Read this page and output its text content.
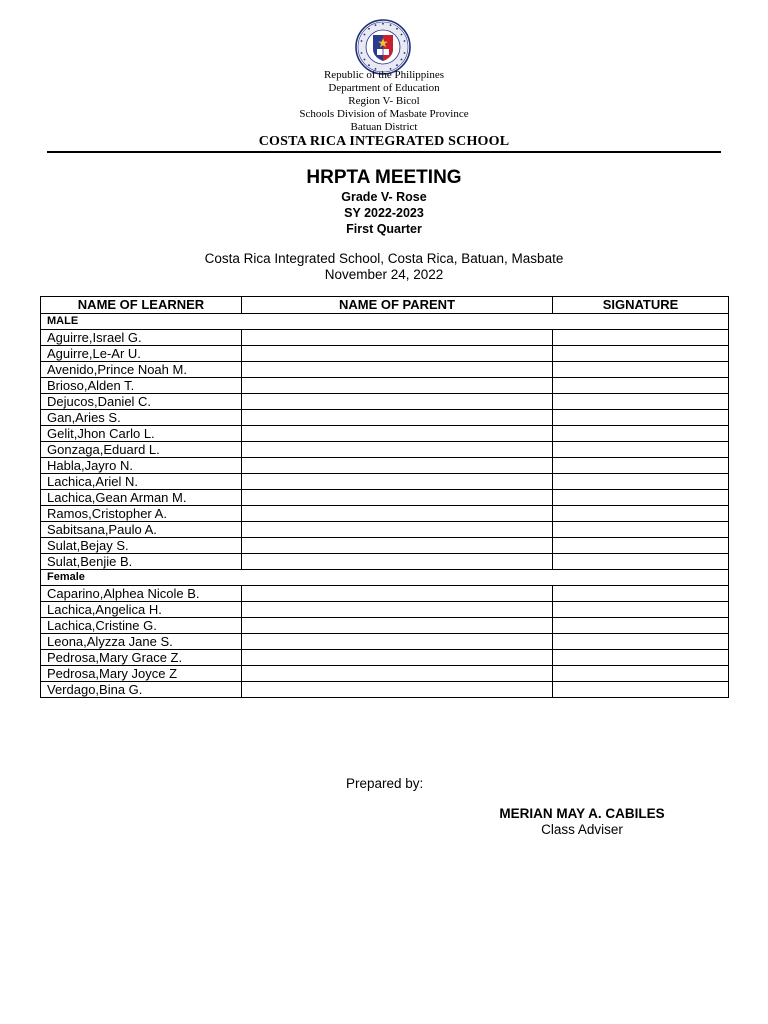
Republic of the Philippines
Department of Education
Region V- Bicol
Schools Division of Masbate Province
Batuan District
COSTA RICA INTEGRATED SCHOOL
HRPTA MEETING
Grade V- Rose
SY 2022-2023
First Quarter
Costa Rica Integrated School, Costa Rica, Batuan, Masbate
November 24, 2022
NAME OF LEARNER	NAME OF PARENT	SIGNATURE
MALE		
Aguirre,Israel G.		
Aguirre,Le-Ar U.		
Avenido,Prince Noah M.		
Brioso,Alden T.		
Dejucos,Daniel C.		
Gan,Aries S.		
Gelit,Jhon Carlo L.		
Gonzaga,Eduard L.		
Habla,Jayro N.		
Lachica,Ariel N.		
Lachica,Gean Arman M.		
Ramos,Cristopher A.		
Sabitsana,Paulo A.		
Sulat,Bejay S.		
Sulat,Benjie B.		
Female		
Caparino,Alphea Nicole B.		
Lachica,Angelica H.		
Lachica,Cristine G.		
Leona,Alyzza Jane S.		
Pedrosa,Mary Grace Z.		
Pedrosa,Mary Joyce Z		
Verdago,Bina G.		
Prepared by:
MERIAN MAY A. CABILES
Class Adviser
